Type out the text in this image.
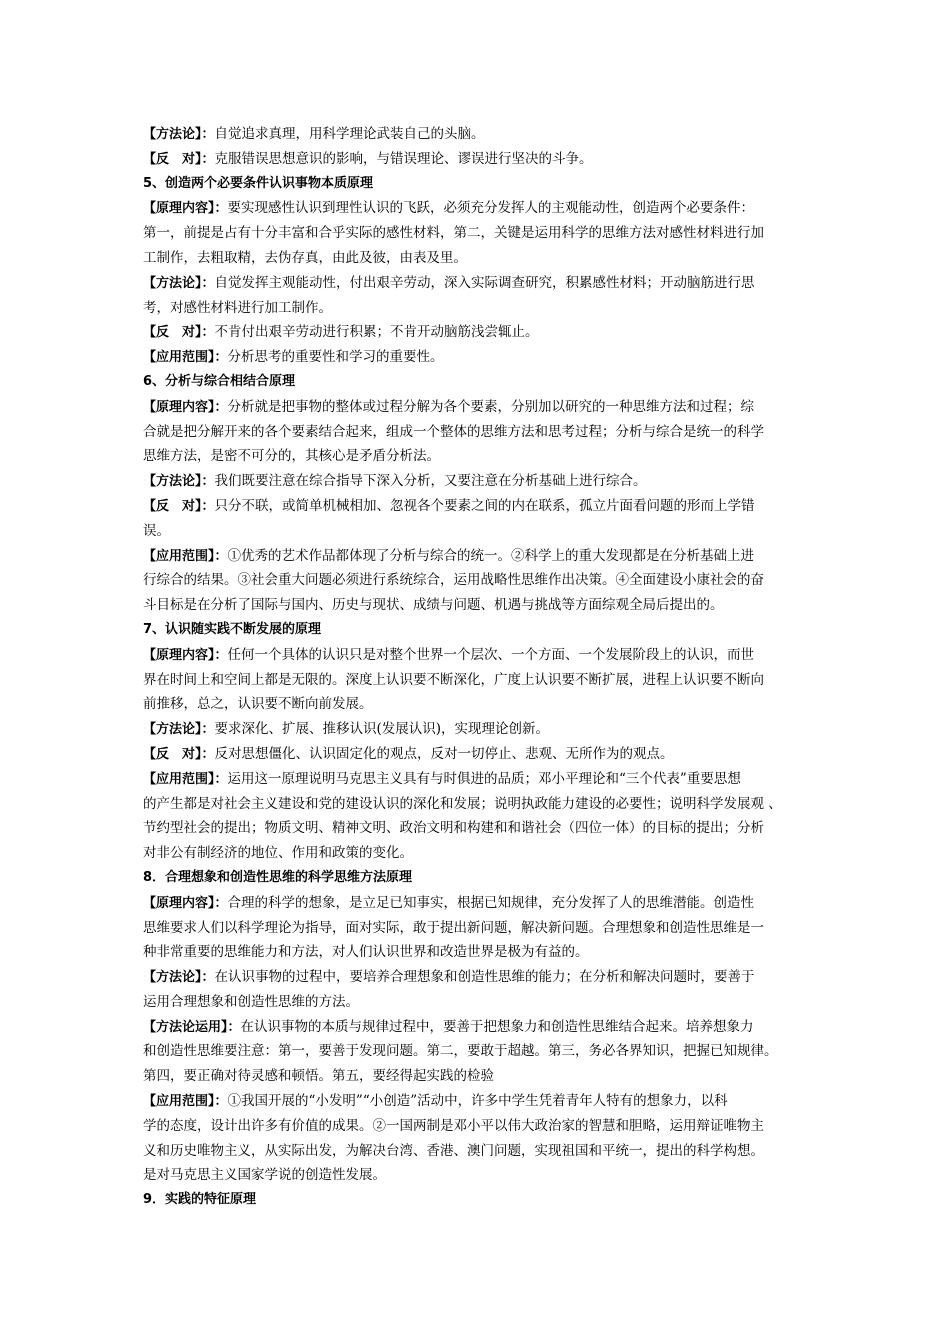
【方法论】：自觉追求真理，用科学理论武装自己的头脑。
【反　对】：克服错误思想意识的影响，与错误理论、谬误进行坚决的斗争。
5、创造两个必要条件认识事物本质原理
【原理内容】：要实现感性认识到理性认识的飞跃，必须充分发挥人的主观能动性，创造两个必要条件：
第一，前提是占有十分丰富和合乎实际的感性材料，第二，关键是运用科学的思维方法对感性材料进行加
工制作，去粗取精，去伪存真，由此及彼，由表及里。
【方法论】：自觉发挥主观能动性，付出艰辛劳动，深入实际调查研究，积累感性材料；开动脑筋进行思
考，对感性材料进行加工制作。
【反　对】：不肯付出艰辛劳动进行积累；不肯开动脑筋浅尝辄止。
【应用范围】：分析思考的重要性和学习的重要性。
6、分析与综合相结合原理
【原理内容】：分析就是把事物的整体或过程分解为各个要素，分别加以研究的一种思维方法和过程；综
合就是把分解开来的各个要素结合起来，组成一个整体的思维方法和思考过程；分析与综合是统一的科学
思维方法，是密不可分的，其核心是矛盾分析法。
【方法论】：我们既要注意在综合指导下深入分析，又要注意在分析基础上进行综合。
【反　对】：只分不联，或简单机械相加、忽视各个要素之间的内在联系，孤立片面看问题的形而上学错
误。
【应用范围】：①优秀的艺术作品都体现了分析与综合的统一。②科学上的重大发现都是在分析基础上进
行综合的结果。③社会重大问题必须进行系统综合，运用战略性思维作出决策。④全面建设小康社会的奋
斗目标是在分析了国际与国内、历史与现状、成绩与问题、机遇与挑战等方面综观全局后提出的。
7、认识随实践不断发展的原理
【原理内容】：任何一个具体的认识只是对整个世界一个层次、一个方面、一个发展阶段上的认识，而世
界在时间上和空间上都是无限的。深度上认识要不断深化，广度上认识要不断扩展，进程上认识要不断向
前推移，总之，认识要不断向前发展。
【方法论】：要求深化、扩展、推移认识(发展认识)，实现理论创新。
【反　对】：反对思想僵化、认识固定化的观点，反对一切停止、悲观、无所作为的观点。
【应用范围】：运用这一原理说明马克思主义具有与时俱进的品质；邓小平理论和“三个代表”重要思想
的产生都是对社会主义建设和党的建设认识的深化和发展；说明执政能力建设的必要性；说明科学发展观 、
节约型社会的提出；物质文明、精神文明、政治文明和构建和和谐社会（四位一体）的目标的提出；分析
对非公有制经济的地位、作用和政策的变化。
8．合理想象和创造性思维的科学思维方法原理
【原理内容】：合理的科学的想象，是立足已知事实，根据已知规律，充分发挥了人的思维潜能。创造性
思维要求人们以科学理论为指导，面对实际，敢于提出新问题，解决新问题。合理想象和创造性思维是一
种非常重要的思维能力和方法，对人们认识世界和改造世界是极为有益的。
【方法论】：在认识事物的过程中，要培养合理想象和创造性思维的能力；在分析和解决问题时，要善于
运用合理想象和创造性思维的方法。
【方法论运用】：在认识事物的本质与规律过程中，要善于把想象力和创造性思维结合起来。培养想象力
和创造性思维要注意：第一，要善于发现问题。第二，要敢于超越。第三，务必各界知识，把握已知规律。
第四，要正确对待灵感和顿悟。第五，要经得起实践的检验
【应用范围】：①我国开展的“小发明”“小创造”活动中，许多中学生凭着青年人特有的想象力，以科
学的态度，设计出许多有价值的成果。②一国两制是邓小平以伟大政治家的智慧和胆略，运用辩证唯物主
义和历史唯物主义，从实际出发，为解决台湾、香港、澳门问题，实现祖国和平统一，提出的科学构想。
是对马克思主义国家学说的创造性发展。
9．实践的特征原理
